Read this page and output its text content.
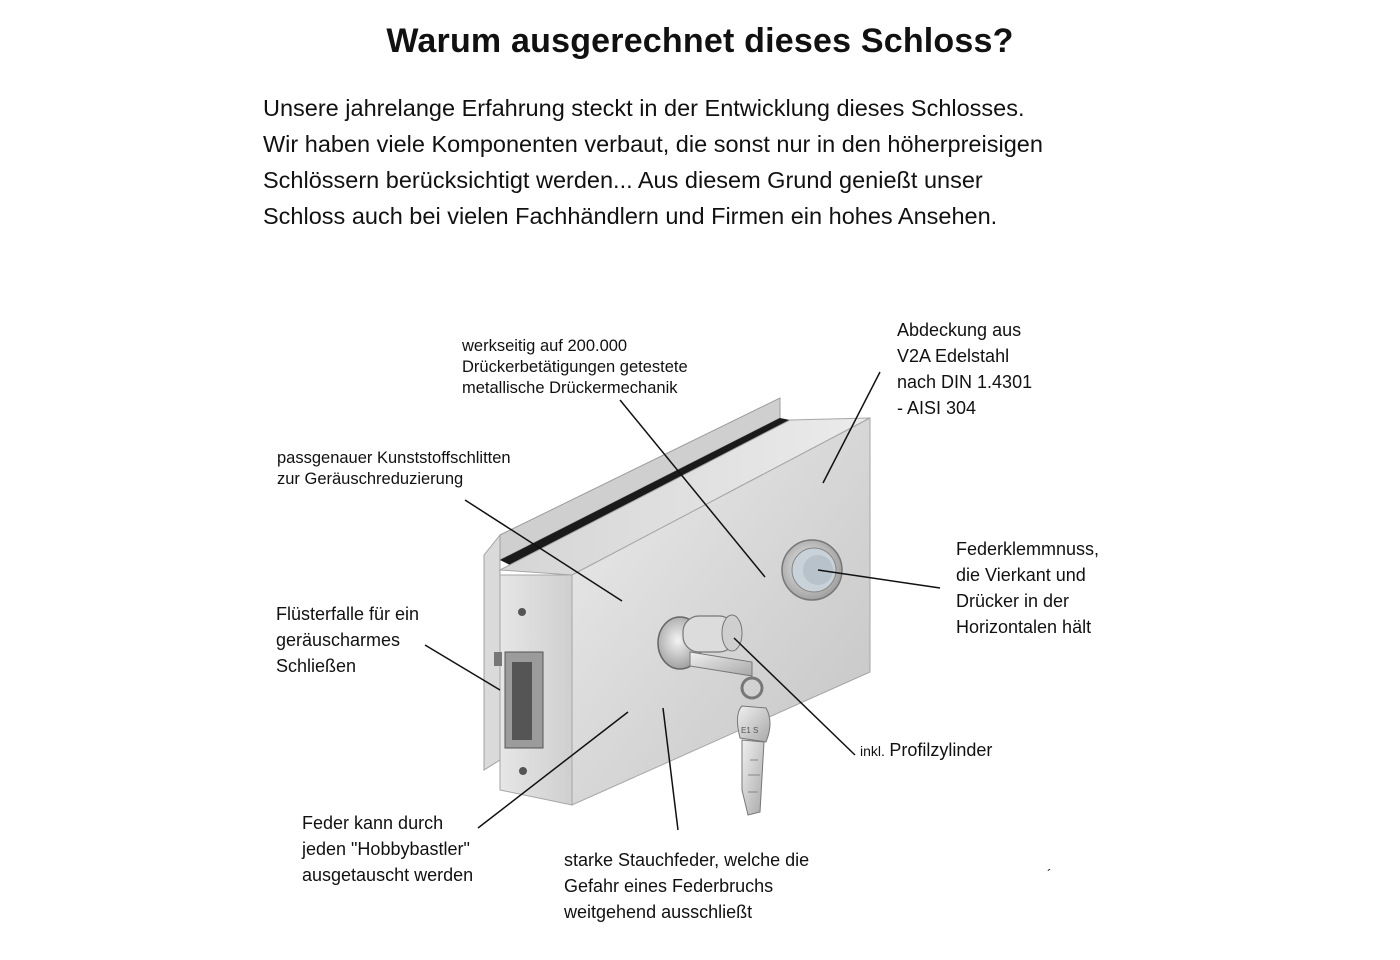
Warum ausgerechnet dieses Schloss?
Unsere jahrelange Erfahrung steckt in der Entwicklung dieses Schlosses.
Wir haben viele Komponenten verbaut, die sonst nur in den höherpreisigen
Schlössern berücksichtigt werden... Aus diesem Grund genießt unser
Schloss auch bei vielen Fachhändlern und Firmen ein hohes Ansehen.
E1 S
werkseitig auf 200.000
Drückerbetätigungen getestete
metallische Drückermechanik
Abdeckung aus
V2A Edelstahl
nach DIN 1.4301
- AISI 304
passgenauer Kunststoffschlitten
zur Geräuschreduzierung
Federklemmnuss,
die Vierkant und
Drücker in der
Horizontalen hält
Flüsterfalle für ein
geräuscharmes
Schließen
inkl. Profilzylinder
Feder kann durch
jeden "Hobbybastler"
ausgetauscht werden
starke Stauchfeder, welche die
Gefahr eines Federbruchs
weitgehend ausschließt
´
